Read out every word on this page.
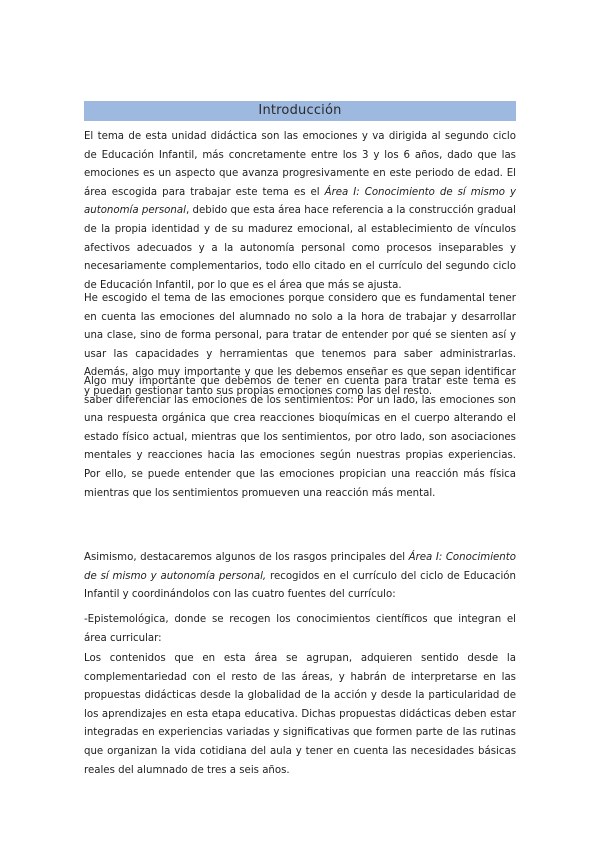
Introducción

El tema de esta unidad didáctica son las emociones y va dirigida al segundo ciclo de Educación Infantil, más concretamente entre los 3 y los 6 años, dado que las emociones es un aspecto que avanza progresivamente en este periodo de edad. El área escogida para trabajar este tema es el Área I: Conocimiento de sí mismo y autonomía personal, debido que esta área hace referencia a la construcción gradual de la propia identidad y de su madurez emocional, al establecimiento de vínculos afectivos adecuados y a la autonomía personal como procesos inseparables y necesariamente complementarios, todo ello citado en el currículo del segundo ciclo de Educación Infantil, por lo que es el área que más se ajusta.

He escogido el tema de las emociones porque considero que es fundamental tener en cuenta las emociones del alumnado no solo a la hora de trabajar y desarrollar una clase, sino de forma personal, para tratar de entender por qué se sienten así y usar las capacidades y herramientas que tenemos para saber administrarlas. Además, algo muy importante y que les debemos enseñar es que sepan identificar y puedan gestionar tanto sus propias emociones como las del resto.

Algo muy importante que debemos de tener en cuenta para tratar este tema es saber diferenciar las emociones de los sentimientos: Por un lado, las emociones son una respuesta orgánica que crea reacciones bioquímicas en el cuerpo alterando el estado físico actual, mientras que los sentimientos, por otro lado, son asociaciones mentales y reacciones hacia las emociones según nuestras propias experiencias. Por ello, se puede entender que las emociones propician una reacción más física mientras que los sentimientos promueven una reacción más mental.

Asimismo, destacaremos algunos de los rasgos principales del Área I: Conocimiento de sí mismo y autonomía personal, recogidos en el currículo del ciclo de Educación Infantil y coordinándolos con las cuatro fuentes del currículo:

-Epistemológica, donde se recogen los conocimientos científicos que integran el área curricular:

Los contenidos que en esta área se agrupan, adquieren sentido desde la complementariedad con el resto de las áreas, y habrán de interpretarse en las propuestas didácticas desde la globalidad de la acción y desde la particularidad de los aprendizajes en esta etapa educativa. Dichas propuestas didácticas deben estar integradas en experiencias variadas y significativas que formen parte de las rutinas que organizan la vida cotidiana del aula y tener en cuenta las necesidades básicas reales del alumnado de tres a seis años.
